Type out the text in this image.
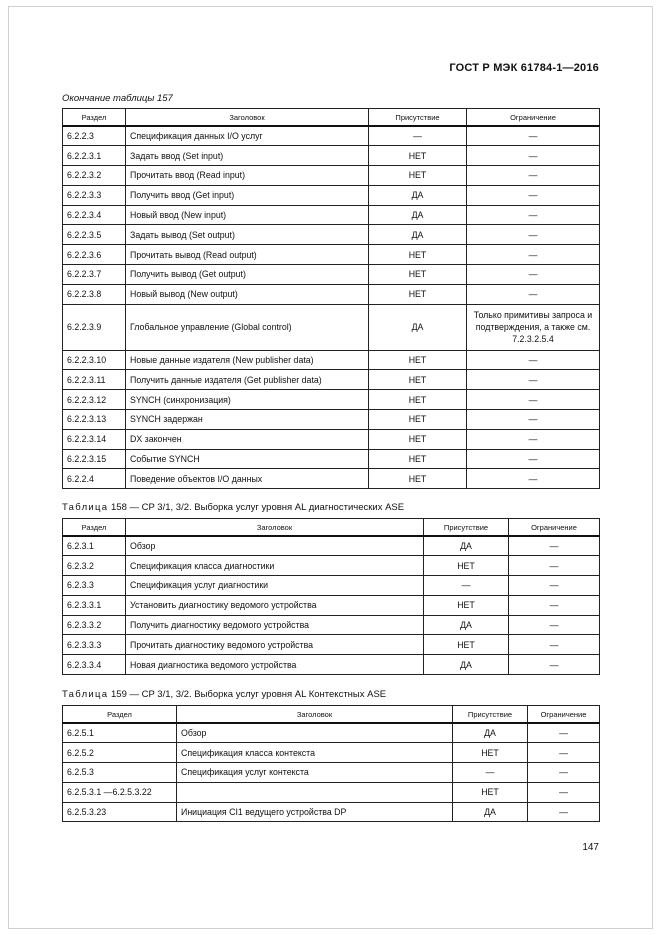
ГОСТ Р МЭК 61784-1—2016
Окончание таблицы 157
Раздел	Заголовок	Присутствие	Ограничение
6.2.2.3	Спецификация данных I/O услуг	—	—
6.2.2.3.1	Задать ввод (Set input)	НЕТ	—
6.2.2.3.2	Прочитать ввод (Read input)	НЕТ	—
6.2.2.3.3	Получить ввод (Get input)	ДА	—
6.2.2.3.4	Новый ввод (New input)	ДА	—
6.2.2.3.5	Задать вывод (Set output)	ДА	—
6.2.2.3.6	Прочитать вывод (Read output)	НЕТ	—
6.2.2.3.7	Получить вывод (Get output)	НЕТ	—
6.2.2.3.8	Новый вывод (New output)	НЕТ	—
6.2.2.3.9	Глобальное управление (Global control)	ДА	Только примитивы запроса и подтверждения, а также см. 7.2.3.2.5.4
6.2.2.3.10	Новые данные издателя (New publisher data)	НЕТ	—
6.2.2.3.11	Получить данные издателя (Get publisher data)	НЕТ	—
6.2.2.3.12	SYNCH (синхронизация)	НЕТ	—
6.2.2.3.13	SYNCH задержан	НЕТ	—
6.2.2.3.14	DX закончен	НЕТ	—
6.2.2.3.15	Событие SYNCH	НЕТ	—
6.2.2.4	Поведение объектов I/O данных	НЕТ	—
Таблица 158 — CP 3/1, 3/2. Выборка услуг уровня AL диагностических ASE
Раздел	Заголовок	Присутствие	Ограничение
6.2.3.1	Обзор	ДА	—
6.2.3.2	Спецификация класса диагностики	НЕТ	—
6.2.3.3	Спецификация услуг диагностики	—	—
6.2.3.3.1	Установить диагностику ведомого устройства	НЕТ	—
6.2.3.3.2	Получить диагностику ведомого устройства	ДА	—
6.2.3.3.3	Прочитать диагностику ведомого устройства	НЕТ	—
6.2.3.3.4	Новая диагностика ведомого устройства	ДА	—
Таблица 159 — CP 3/1, 3/2. Выборка услуг уровня AL Контекстных ASE
Раздел	Заголовок	Присутствие	Ограничение
6.2.5.1	Обзор	ДА	—
6.2.5.2	Спецификация класса контекста	НЕТ	—
6.2.5.3	Спецификация услуг контекста	—	—
6.2.5.3.1 —6.2.5.3.22		НЕТ	—
6.2.5.3.23	Инициация CI1 ведущего устройства DP	ДА	—
147
